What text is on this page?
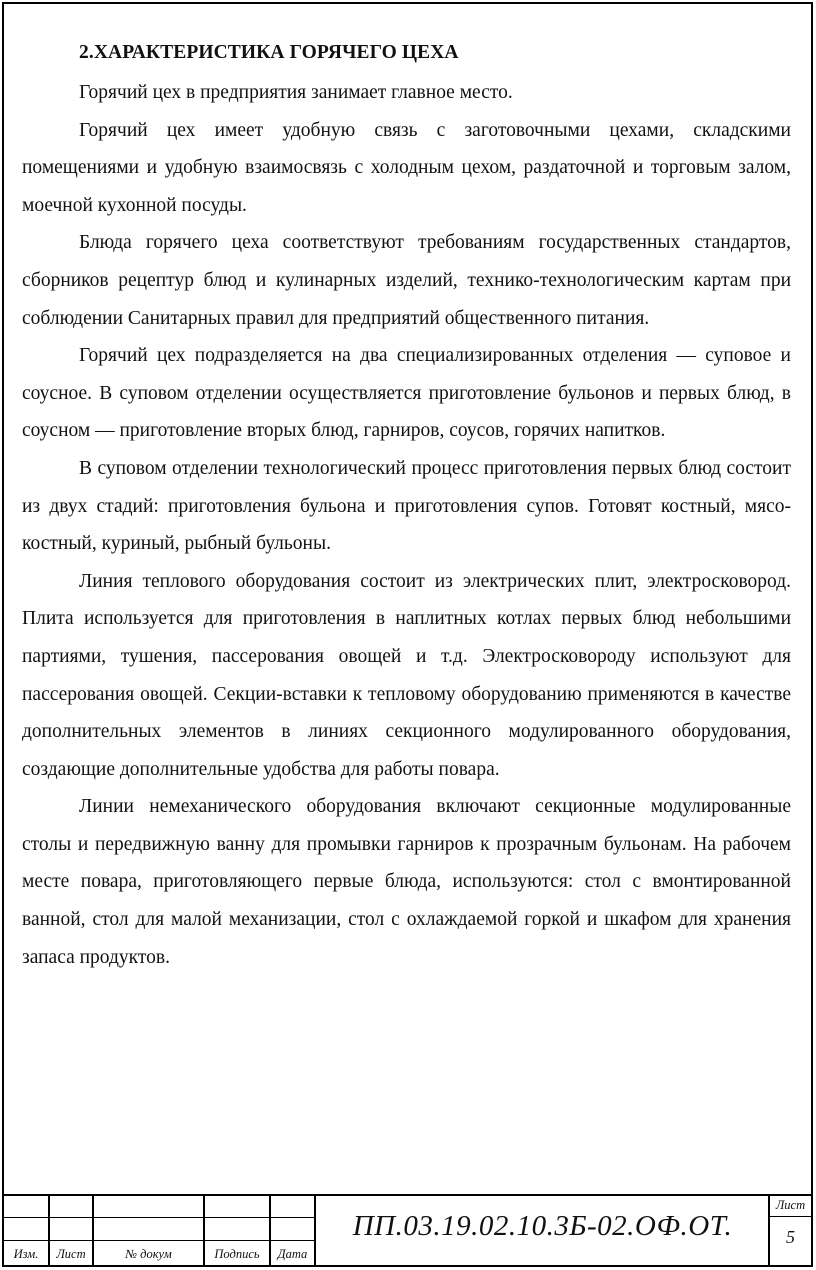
2.ХАРАКТЕРИСТИКА ГОРЯЧЕГО ЦЕХА

Горячий цех в предприятия занимает главное место.

Горячий цех имеет удобную связь с заготовочными цехами, складскими помещениями и удобную взаимосвязь с холодным цехом, раздаточной и торговым залом, моечной кухонной посуды.

Блюда горячего цеха соответствуют требованиям государственных стандартов, сборников рецептур блюд и кулинарных изделий, технико-технологическим картам при соблюдении Санитарных правил для предприятий общественного питания.

Горячий цех подразделяется на два специализированных отделения — суповое и соусное. В суповом отделении осуществляется приготовление бульонов и первых блюд, в соусном — приготовление вторых блюд, гарниров, соусов, горячих напитков.

В суповом отделении технологический процесс приготовления первых блюд состоит из двух стадий: приготовления бульона и приготовления супов. Готовят костный, мясо-костный, куриный, рыбный бульоны.

Линия теплового оборудования состоит из электрических плит, электросковород. Плита используется для приготовления в наплитных котлах первых блюд небольшими партиями, тушения, пассерования овощей и т.д. Электросковороду используют для пассерования овощей. Секции-вставки к тепловому оборудованию применяются в качестве дополнительных элементов в линиях секционного модулированного оборудования, создающие дополнительные удобства для работы повара.

Линии немеханического оборудования включают секционные модулированные столы и передвижную ванну для промывки гарниров к прозрачным бульонам. На рабочем месте повара, приготовляющего первые блюда, используются: стол с вмонтированной ванной, стол для малой механизации, стол с охлаждаемой горкой и шкафом для хранения запаса продуктов.

Изм.	Лист	№ докум	Подпись	Дата
ПП.03.19.02.10.3Б-02.ОФ.ОТ.
Лист
5
